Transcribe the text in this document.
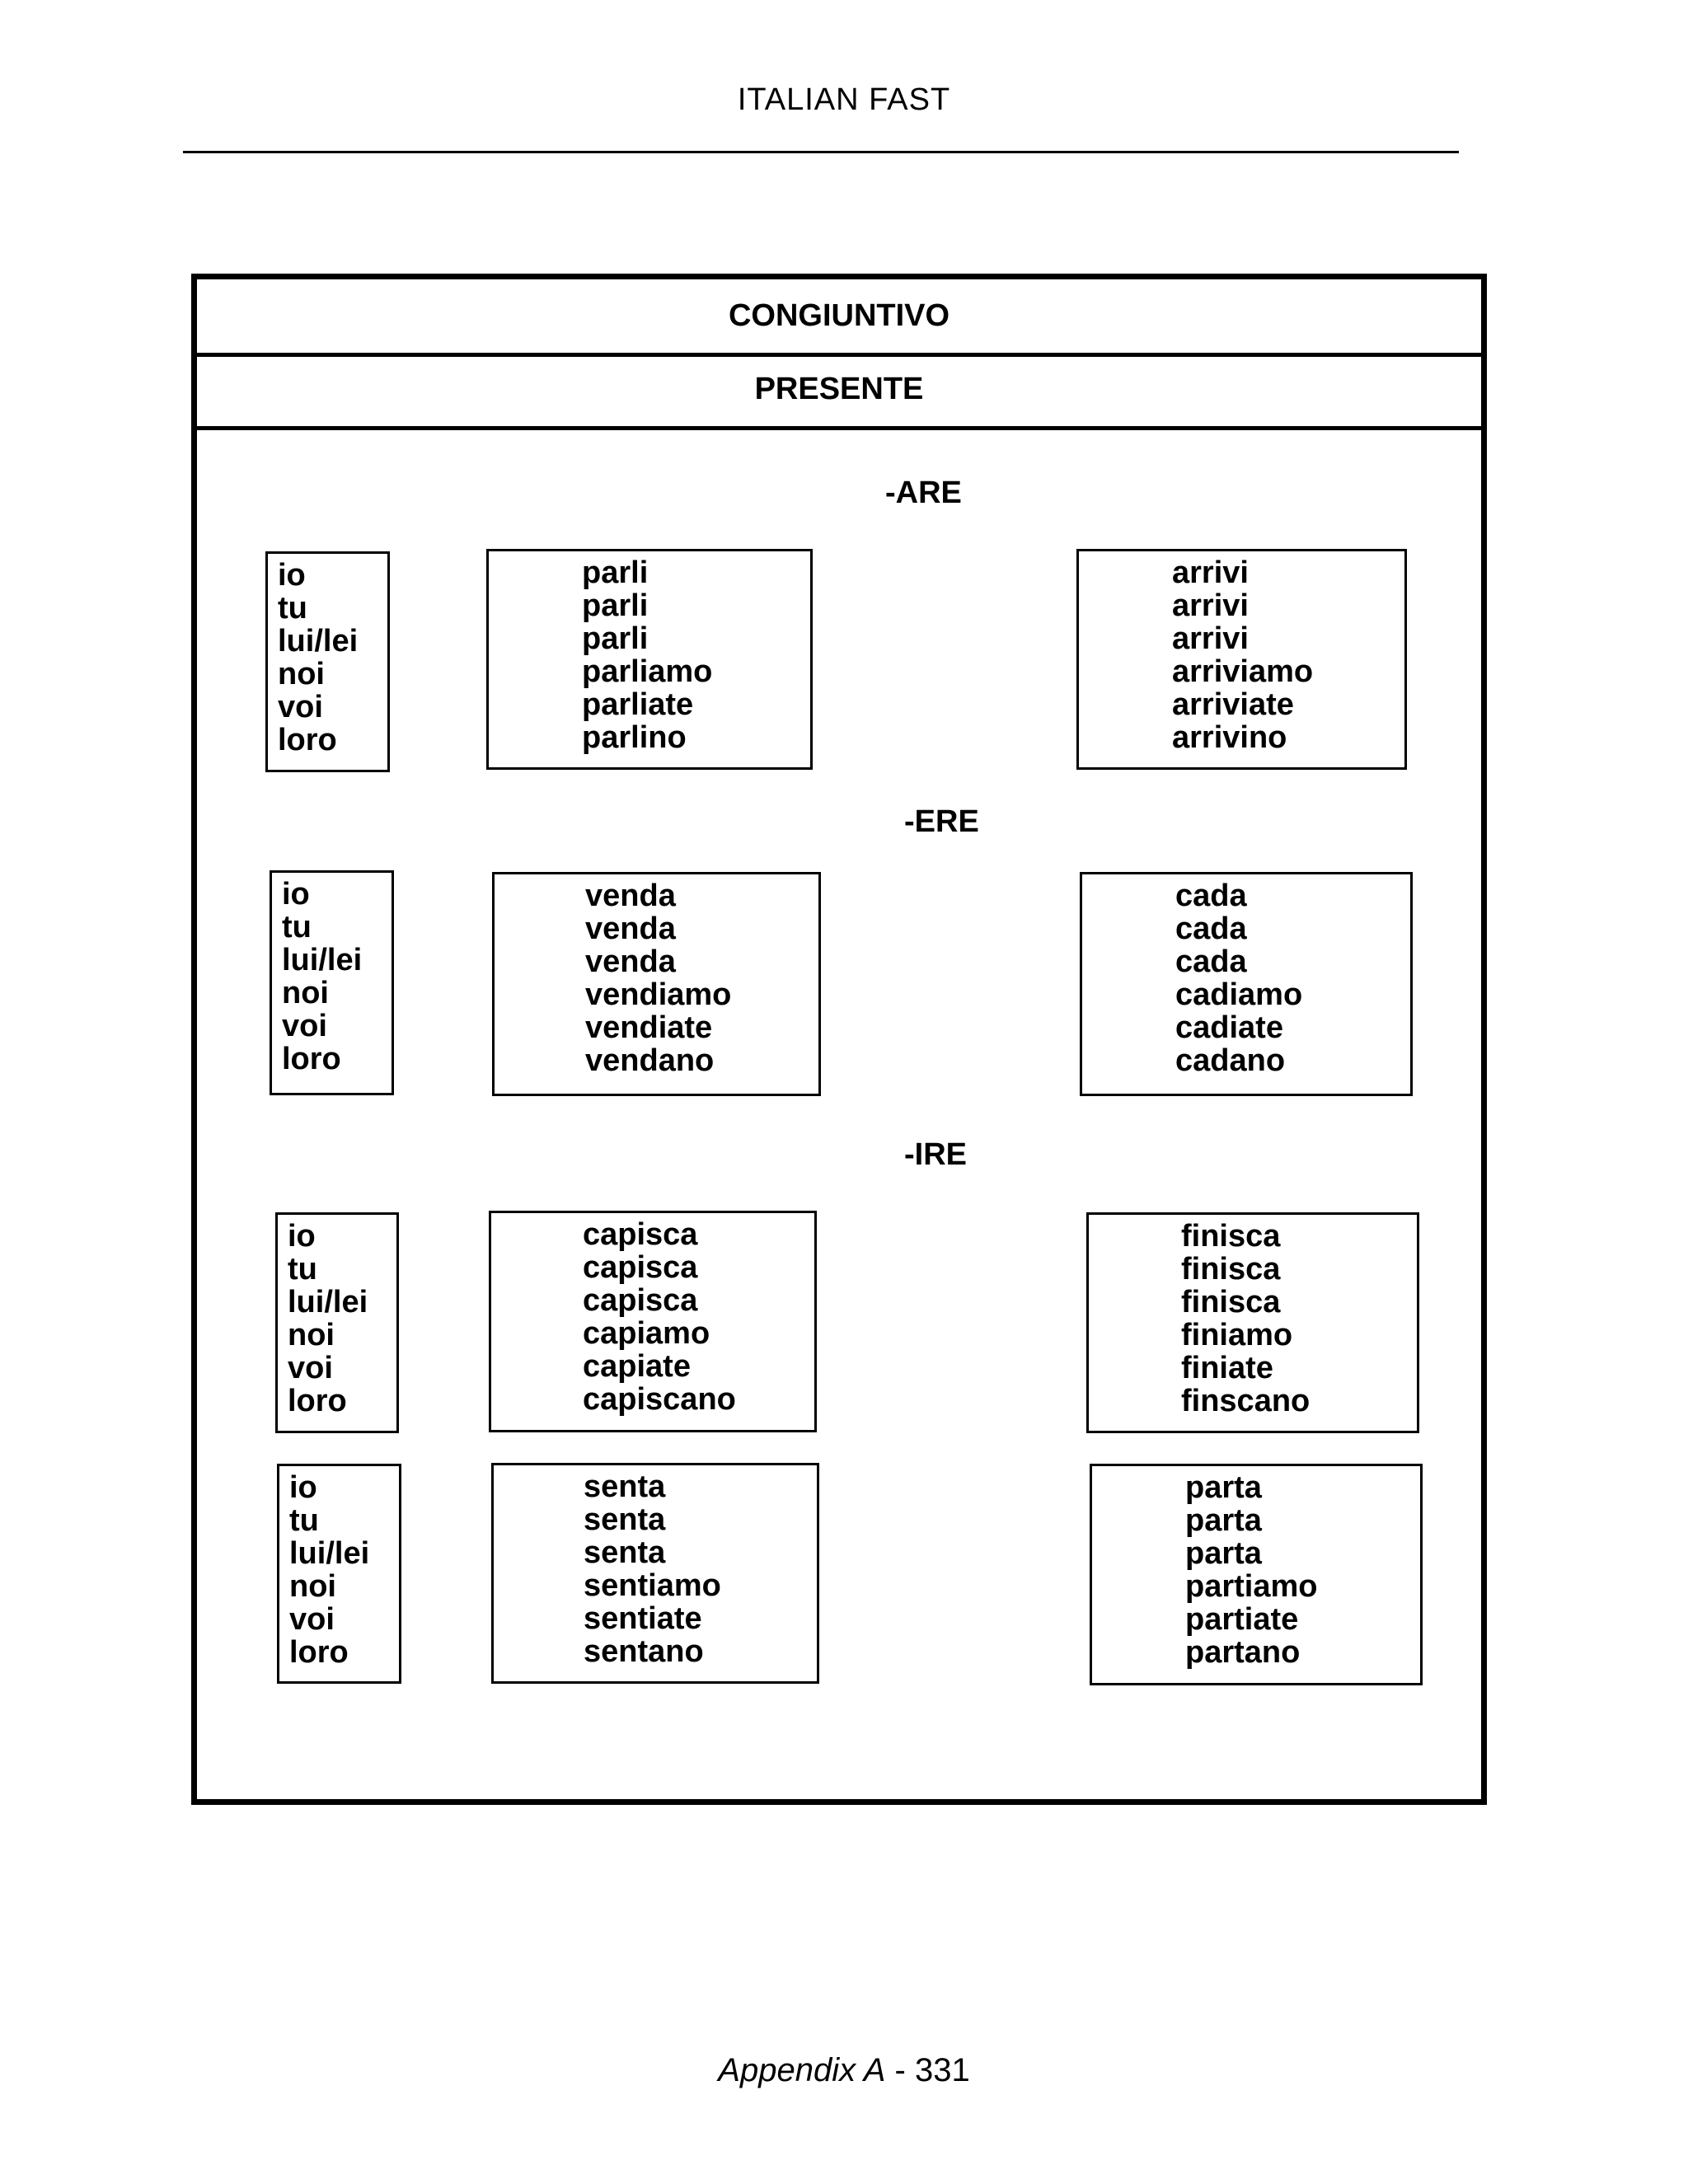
ITALIAN FAST
CONGIUNTIVO
PRESENTE
-ARE
io
tu
lui/lei
noi
voi
loro
parli
parli
parli
parliamo
parliate
parlino
arrivi
arrivi
arrivi
arriviamo
arriviate
arrivino
-ERE
io
tu
lui/lei
noi
voi
loro
venda
venda
venda
vendiamo
vendiate
vendano
cada
cada
cada
cadiamo
cadiate
cadano
-IRE
io
tu
lui/lei
noi
voi
loro
capisca
capisca
capisca
capiamo
capiate
capiscano
finisca
finisca
finisca
finiamo
finiate
finscano
io
tu
lui/lei
noi
voi
loro
senta
senta
senta
sentiamo
sentiate
sentano
parta
parta
parta
partiamo
partiate
partano
Appendix A - 331
